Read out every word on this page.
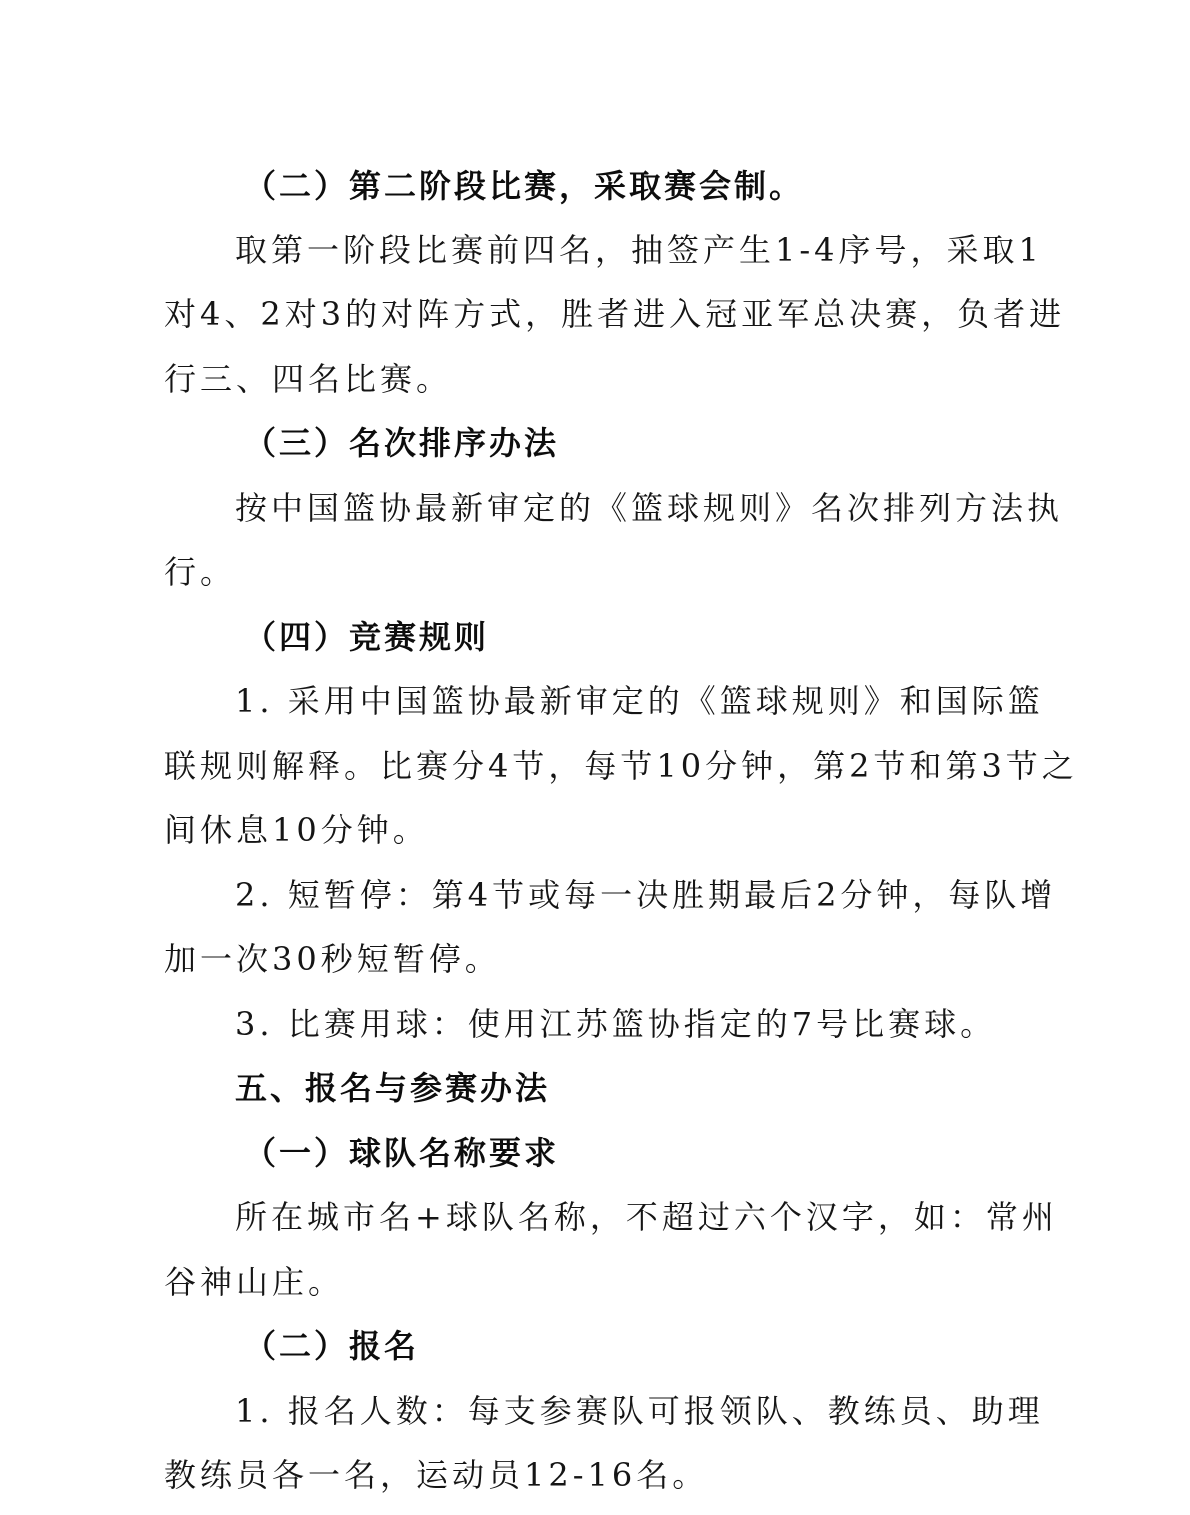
（二）第二阶段比赛，采取赛会制。
取第一阶段比赛前四名，抽签产生1-4序号，采取1
对4、2对3的对阵方式，胜者进入冠亚军总决赛，负者进
行三、四名比赛。
（三）名次排序办法
按中国篮协最新审定的《篮球规则》名次排列方法执
行。
（四）竞赛规则
1. 采用中国篮协最新审定的《篮球规则》和国际篮
联规则解释。比赛分4节，每节10分钟，第2节和第3节之
间休息10分钟。
2. 短暂停：第4节或每一决胜期最后2分钟，每队增
加一次30秒短暂停。
3. 比赛用球：使用江苏篮协指定的7号比赛球。
五、报名与参赛办法
（一）球队名称要求
所在城市名+球队名称，不超过六个汉字，如：常州
谷神山庄。
（二）报名
1. 报名人数：每支参赛队可报领队、教练员、助理
教练员各一名，运动员12-16名。
